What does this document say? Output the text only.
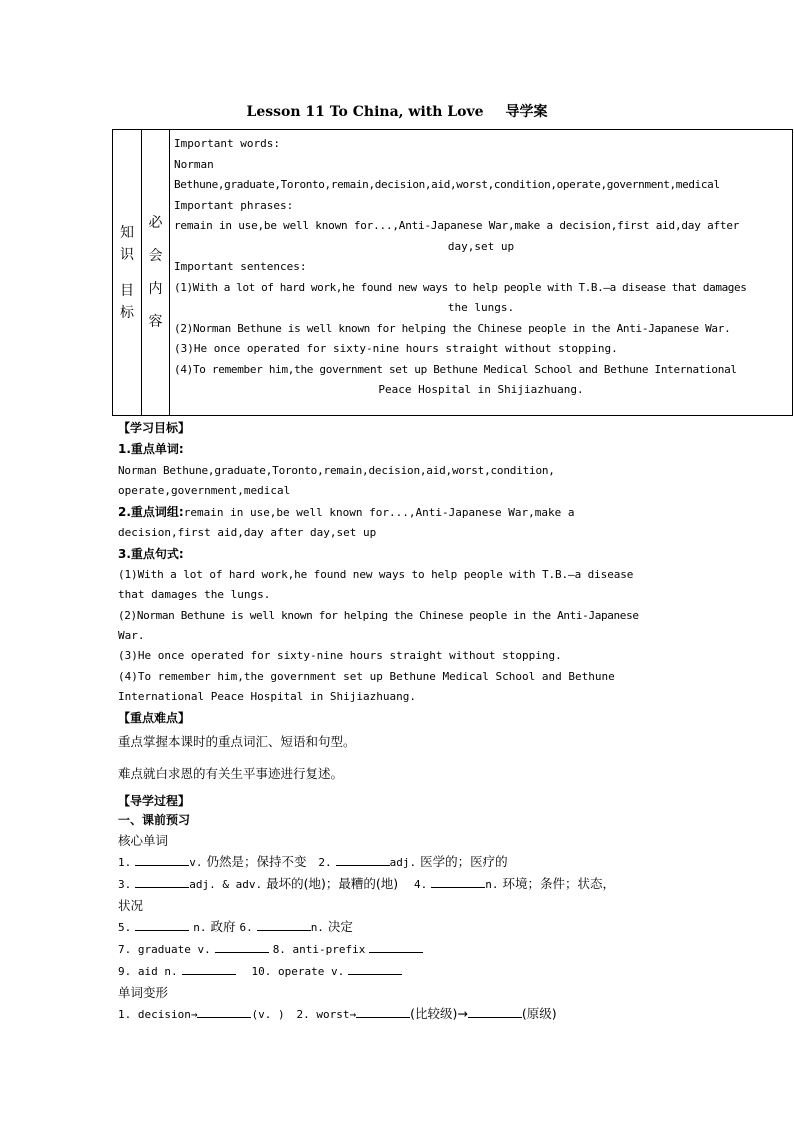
Lesson 11 To China, with Love 导学案
知
识
目
标

必
会
内
容

Important words:
Norman
Bethune,graduate,Toronto,remain,decision,aid,worst,condition,operate,government,medical
Important phrases:
remain in use,be well known for...,Anti-Japanese War,make a decision,first aid,day after
day,set up
Important sentences:
(1)With a lot of hard work,he found new ways to help people with T.B.—a disease that damages
the lungs.
(2)Norman Bethune is well known for helping the Chinese people in the Anti-Japanese War.
(3)He once operated for sixty-nine hours straight without stopping.
(4)To remember him,the government set up Bethune Medical School and Bethune International
Peace Hospital in Shijiazhuang.
【学习目标】
1.重点单词:
Norman Bethune,graduate,Toronto,remain,decision,aid,worst,condition,
operate,government,medical
2.重点词组:remain in use,be well known for...,Anti-Japanese War,make a
decision,first aid,day after day,set up
3.重点句式:
(1)With a lot of hard work,he found new ways to help people with T.B.—a disease
that damages the lungs.
(2)Norman Bethune is well known for helping the Chinese people in the Anti-Japanese
War.
(3)He once operated for sixty-nine hours straight without stopping.
(4)To remember him,the government set up Bethune Medical School and Bethune
International Peace Hospital in Shijiazhuang.
【重点难点】
重点掌握本课时的重点词汇、短语和句型。
难点就白求恩的有关生平事迹进行复述。
【导学过程】
一、课前预习
核心单词
1.	v. 仍然是；保持不变 2.	adj. 医学的；医疗的
3.	adj. & adv. 最坏的(地)；最糟的(地) 4.	n. 环境；条件；状态，
状况
5.	n. 政府 6.	n. 决定
7. graduate v.	8. anti-prefix
9. aid n.	10. operate v.
单词变形
1. decision→	(v. ) 2. worst→	(比较级)→	(原级)
